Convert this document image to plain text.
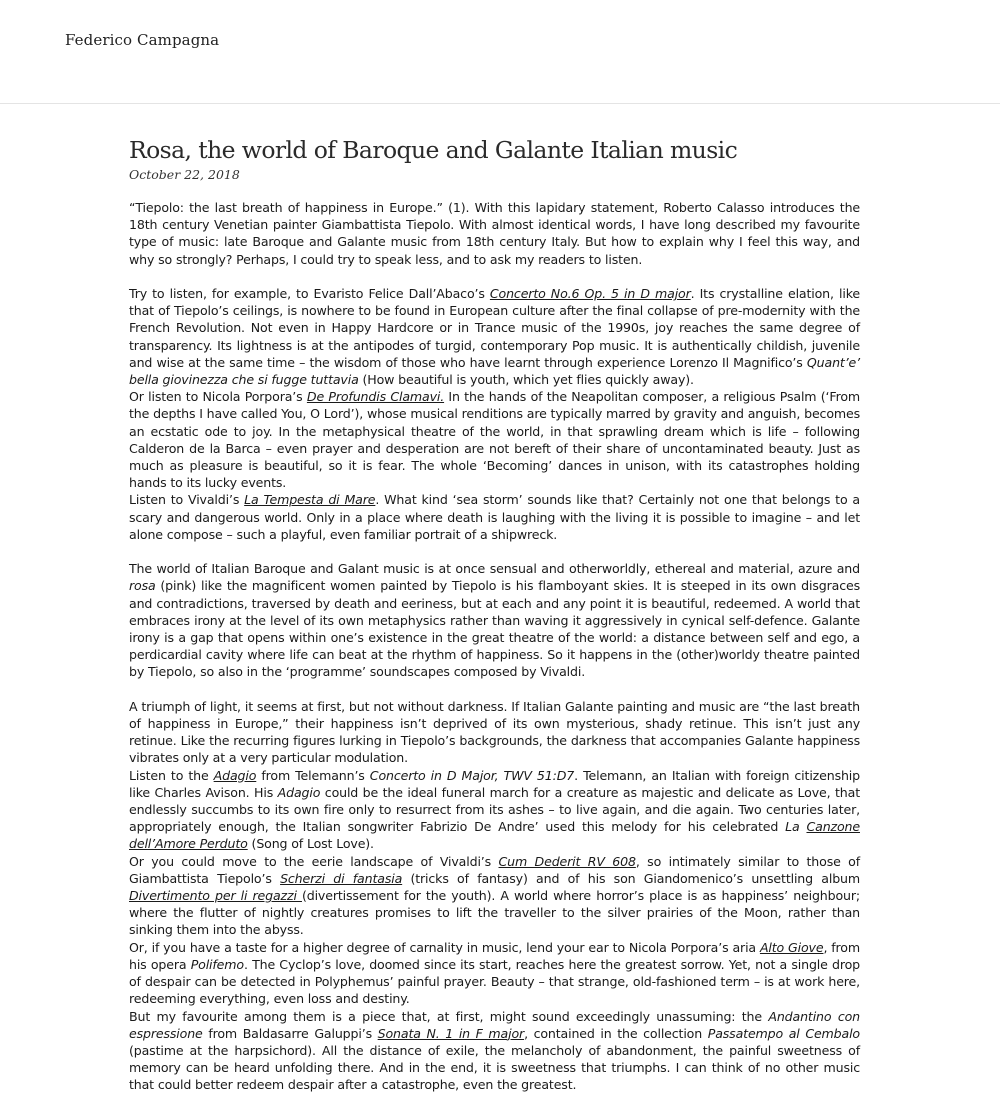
Federico Campagna
Rosa, the world of Baroque and Galante Italian music
October 22, 2018

“Tiepolo: the last breath of happiness in Europe.” (1). With this lapidary statement, Roberto Calasso introduces the 18th century Venetian painter Giambattista Tiepolo. With almost identical words, I have long described my favourite type of music: late Baroque and Galante music from 18th century Italy. But how to explain why I feel this way, and why so strongly? Perhaps, I could try to speak less, and to ask my readers to listen.

Try to listen, for example, to Evaristo Felice Dall’Abaco’s Concerto No.6 Op. 5 in D major. Its crystalline elation, like that of Tiepolo’s ceilings, is nowhere to be found in European culture after the final collapse of pre-modernity with the French Revolution. Not even in Happy Hardcore or in Trance music of the 1990s, joy reaches the same degree of transparency. Its lightness is at the antipodes of turgid, contemporary Pop music. It is authentically childish, juvenile and wise at the same time – the wisdom of those who have learnt through experience Lorenzo Il Magnifico’s Quant’e’ bella giovinezza che si fugge tuttavia (How beautiful is youth, which yet flies quickly away).

Or listen to Nicola Porpora’s De Profundis Clamavi. In the hands of the Neapolitan composer, a religious Psalm (‘From the depths I have called You, O Lord’), whose musical renditions are typically marred by gravity and anguish, becomes an ecstatic ode to joy. In the metaphysical theatre of the world, in that sprawling dream which is life – following Calderon de la Barca – even prayer and desperation are not bereft of their share of uncontaminated beauty. Just as much as pleasure is beautiful, so it is fear. The whole ‘Becoming’ dances in unison, with its catastrophes holding hands to its lucky events.

Listen to Vivaldi’s La Tempesta di Mare. What kind ‘sea storm’ sounds like that? Certainly not one that belongs to a scary and dangerous world. Only in a place where death is laughing with the living it is possible to imagine – and let alone compose – such a playful, even familiar portrait of a shipwreck.

The world of Italian Baroque and Galant music is at once sensual and otherworldly, ethereal and material, azure and rosa (pink) like the magnificent women painted by Tiepolo is his flamboyant skies. It is steeped in its own disgraces and contradictions, traversed by death and eeriness, but at each and any point it is beautiful, redeemed. A world that embraces irony at the level of its own metaphysics rather than waving it aggressively in cynical self-defence. Galante irony is a gap that opens within one’s existence in the great theatre of the world: a distance between self and ego, a perdicardial cavity where life can beat at the rhythm of happiness. So it happens in the (other)worldy theatre painted by Tiepolo, so also in the ‘programme’ soundscapes composed by Vivaldi.

A triumph of light, it seems at first, but not without darkness. If Italian Galante painting and music are “the last breath of happiness in Europe,” their happiness isn’t deprived of its own mysterious, shady retinue. This isn’t just any retinue. Like the recurring figures lurking in Tiepolo’s backgrounds, the darkness that accompanies Galante happiness vibrates only at a very particular modulation.

Listen to the Adagio from Telemann’s Concerto in D Major, TWV 51:D7. Telemann, an Italian with foreign citizenship like Charles Avison. His Adagio could be the ideal funeral march for a creature as majestic and delicate as Love, that endlessly succumbs to its own fire only to resurrect from its ashes – to live again, and die again. Two centuries later, appropriately enough, the Italian songwriter Fabrizio De Andre’ used this melody for his celebrated La Canzone dell’Amore Perduto (Song of Lost Love).

Or you could move to the eerie landscape of Vivaldi’s Cum Dederit RV 608, so intimately similar to those of Giambattista Tiepolo’s Scherzi di fantasia (tricks of fantasy) and of his son Giandomenico’s unsettling album Divertimento per li regazzi (divertissement for the youth). A world where horror’s place is as happiness’ neighbour; where the flutter of nightly creatures promises to lift the traveller to the silver prairies of the Moon, rather than sinking them into the abyss.

Or, if you have a taste for a higher degree of carnality in music, lend your ear to Nicola Porpora’s aria Alto Giove, from his opera Polifemo. The Cyclop’s love, doomed since its start, reaches here the greatest sorrow. Yet, not a single drop of despair can be detected in Polyphemus’ painful prayer. Beauty – that strange, old-fashioned term – is at work here, redeeming everything, even loss and destiny.

But my favourite among them is a piece that, at first, might sound exceedingly unassuming: the Andantino con espressione from Baldasarre Galuppi’s Sonata N. 1 in F major, contained in the collection Passatempo al Cembalo (pastime at the harpsichord). All the distance of exile, the melancholy of abandonment, the painful sweetness of memory can be heard unfolding there. And in the end, it is sweetness that triumphs. I can think of no other music that could better redeem despair after a catastrophe, even the greatest.
